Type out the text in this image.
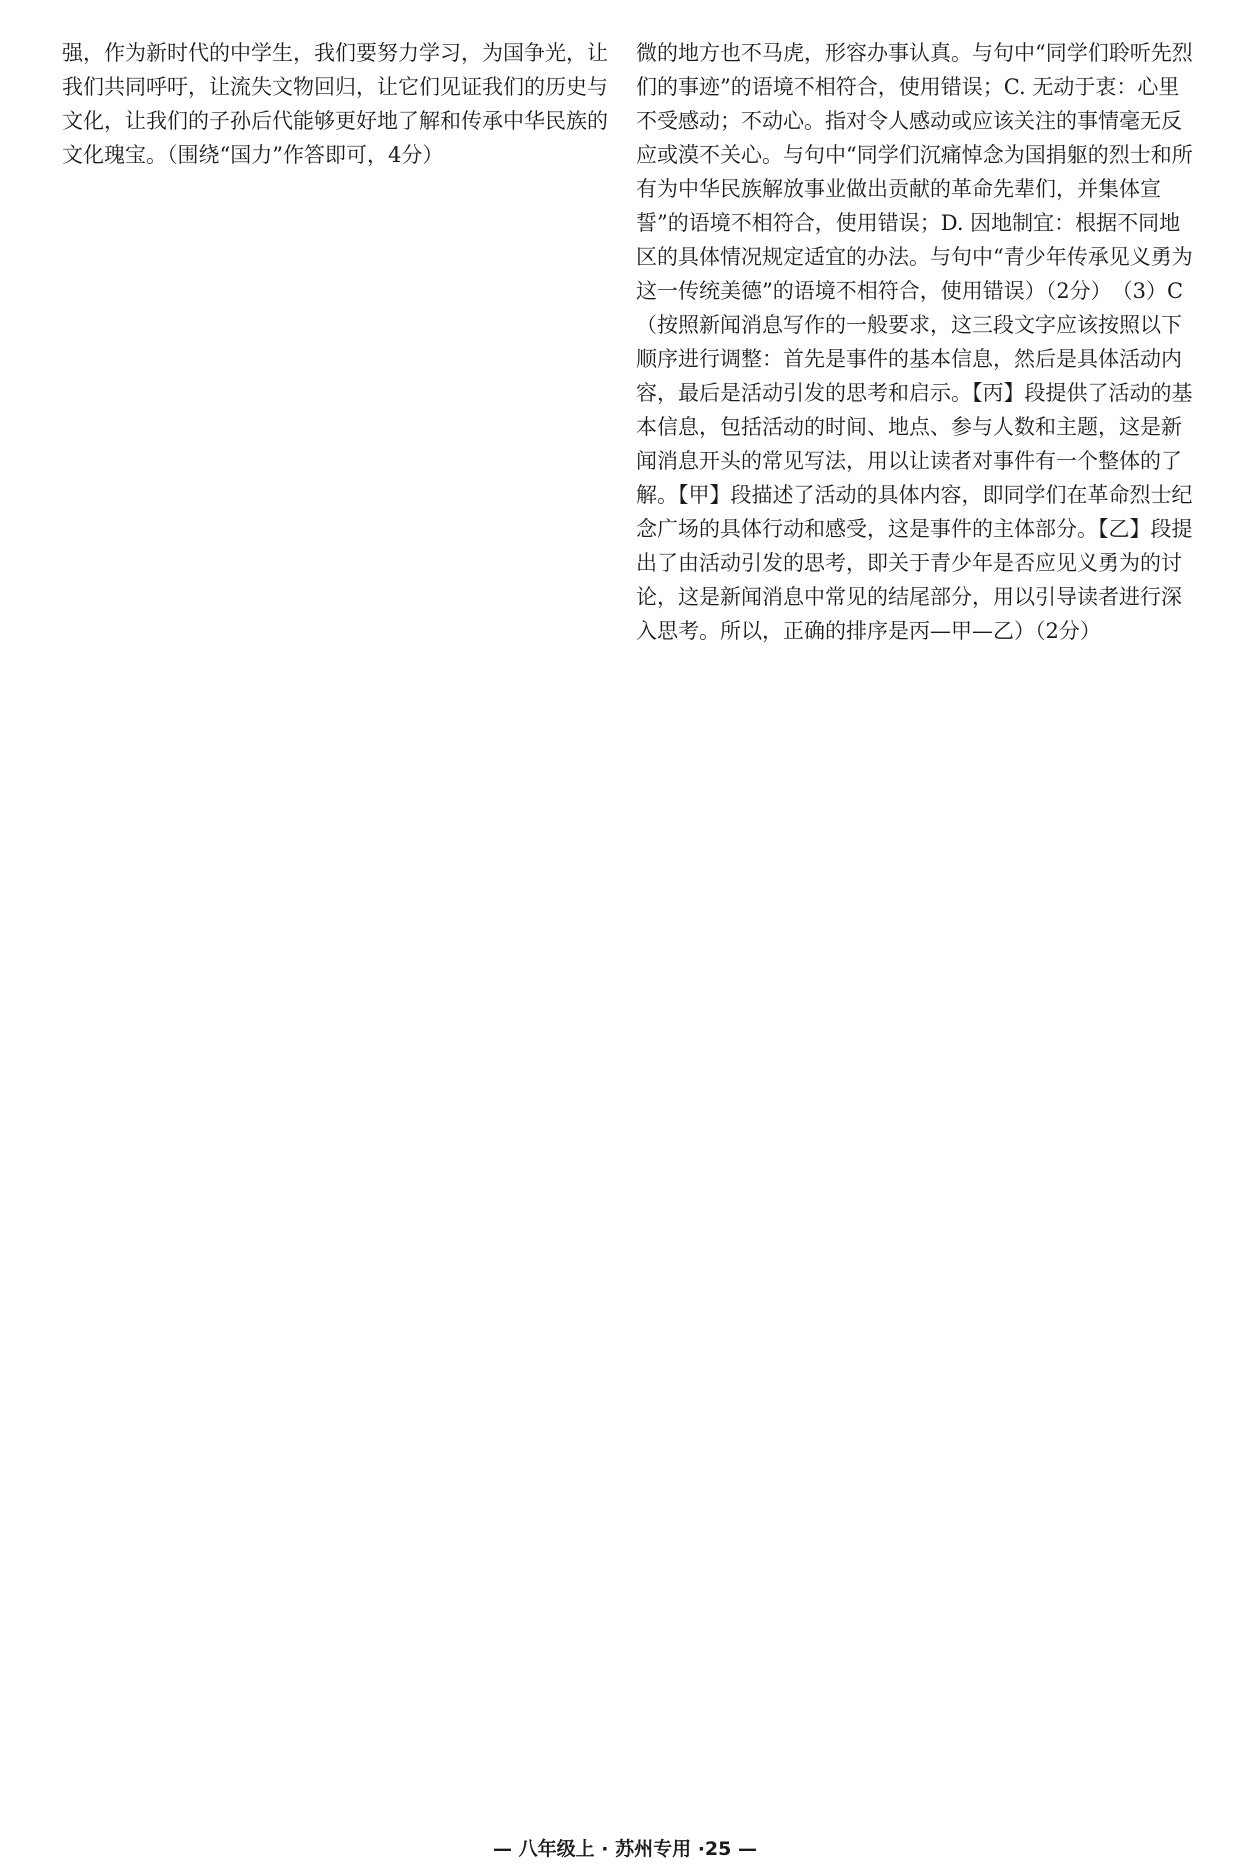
强，作为新时代的中学生，我们要努力学习，为国争光，让我们共同呼吁，让流失文物回归，让它们见证我们的历史与文化，让我们的子孙后代能够更好地了解和传承中华民族的文化瑰宝。（围绕“国力”作答即可，4分）

微的地方也不马虎，形容办事认真。与句中“同学们聆听先烈们的事迹”的语境不相符合，使用错误；C. 无动于衷：心里不受感动；不动心。指对令人感动或应该关注的事情毫无反应或漠不关心。与句中“同学们沉痛悼念为国捐躯的烈士和所有为中华民族解放事业做出贡献的革命先辈们，并集体宣誓”的语境不相符合，使用错误；D. 因地制宜：根据不同地区的具体情况规定适宜的办法。与句中“青少年传承见义勇为这一传统美德”的语境不相符合，使用错误）（2分）　（3）C（按照新闻消息写作的一般要求，这三段文字应该按照以下顺序进行调整：首先是事件的基本信息，然后是具体活动内容，最后是活动引发的思考和启示。【丙】段提供了活动的基本信息，包括活动的时间、地点、参与人数和主题，这是新闻消息开头的常见写法，用以让读者对事件有一个整体的了解。【甲】段描述了活动的具体内容，即同学们在革命烈士纪念广场的具体行动和感受，这是事件的主体部分。【乙】段提出了由活动引发的思考，即关于青少年是否应见义勇为的讨论，这是新闻消息中常见的结尾部分，用以引导读者进行深入思考。所以，正确的排序是丙—甲—乙）（2分）

— 八年级上 · 苏州专用 ·25 —
